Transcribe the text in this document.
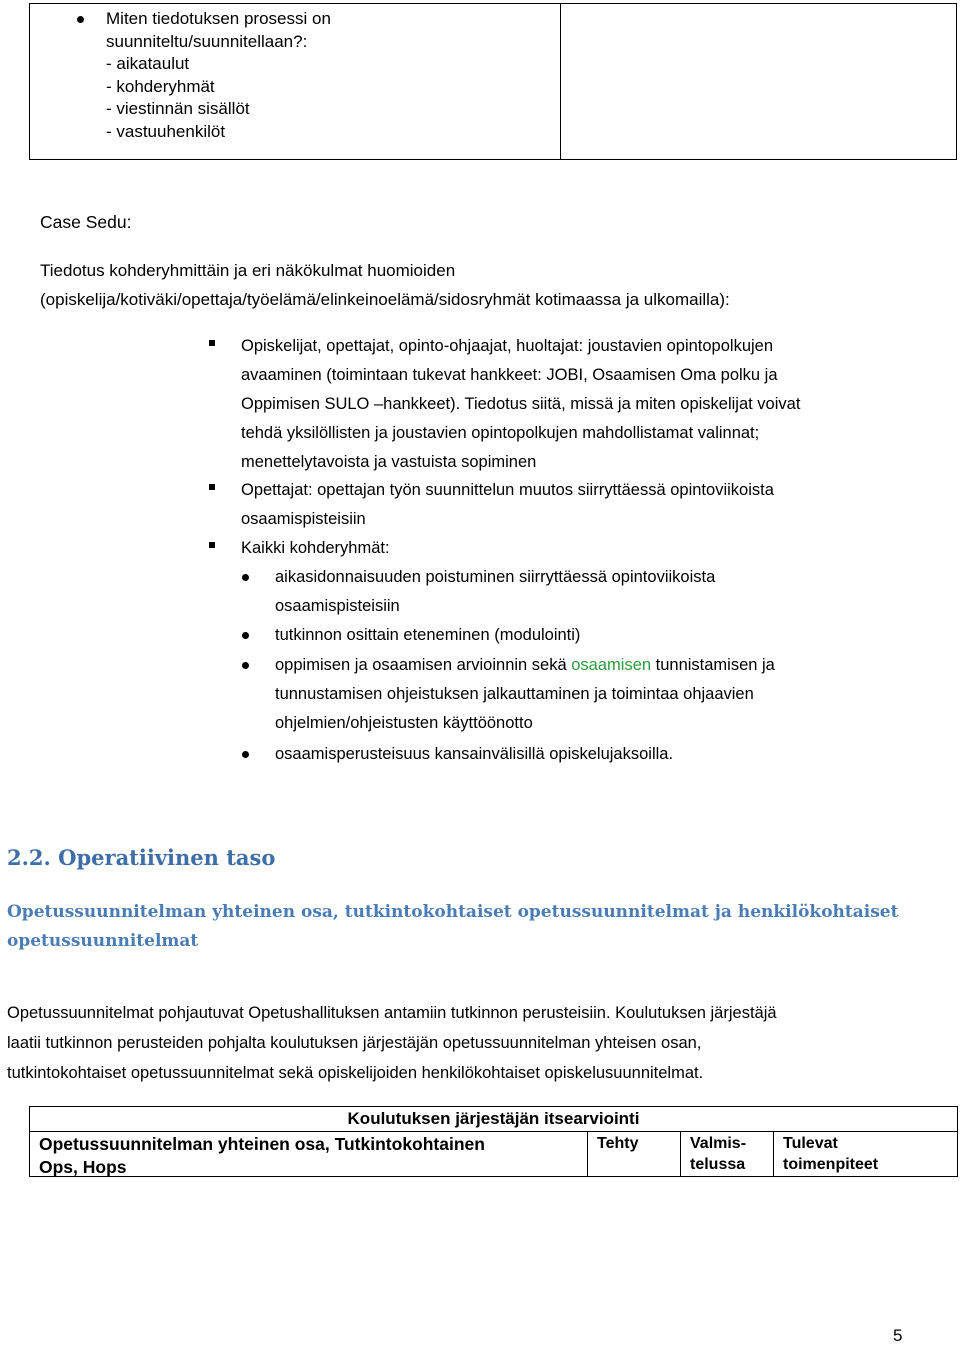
Miten tiedotuksen prosessi on
suunniteltu/suunnitellaan?:
- aikataulut
- kohderyhmät
- viestinnän sisällöt
- vastuuhenkilöt
Case Sedu:
Tiedotus kohderyhmittäin ja eri näkökulmat huomioiden
(opiskelija/kotiväki/opettaja/työelämä/elinkeinoelämä/sidosryhmät kotimaassa ja ulkomailla):
Opiskelijat, opettajat, opinto-ohjaajat, huoltajat: joustavien opintopolkujen
avaaminen (toimintaan tukevat hankkeet: JOBI, Osaamisen Oma polku ja
Oppimisen SULO –hankkeet). Tiedotus siitä, missä ja miten opiskelijat voivat
tehdä yksilöllisten ja joustavien opintopolkujen mahdollistamat valinnat;
menettelytavoista ja vastuista sopiminen
Opettajat: opettajan työn suunnittelun muutos siirryttäessä opintoviikoista
osaamispisteisiin
Kaikki kohderyhmät:
aikasidonnaisuuden poistuminen siirryttäessä opintoviikoista
osaamispisteisiin
tutkinnon osittain eteneminen (modulointi)
oppimisen ja osaamisen arvioinnin sekä osaamisen tunnistamisen ja
tunnustamisen ohjeistuksen jalkauttaminen ja toimintaa ohjaavien
ohjelmien/ohjeistusten käyttöönotto
osaamisperusteisuus kansainvälisillä opiskelujaksoilla.
2.2. Operatiivinen taso
Opetussuunnitelman yhteinen osa, tutkintokohtaiset opetussuunnitelmat ja henkilökohtaiset
opetussuunnitelmat
Opetussuunnitelmat pohjautuvat Opetushallituksen antamiin tutkinnon perusteisiin. Koulutuksen järjestäjä
laatii tutkinnon perusteiden pohjalta koulutuksen järjestäjän opetussuunnitelman yhteisen osan,
tutkintokohtaiset opetussuunnitelmat sekä opiskelijoiden henkilökohtaiset opiskelusuunnitelmat.
Koulutuksen järjestäjän itsearviointi
Opetussuunnitelman yhteinen osa, Tutkintokohtainen
Ops, Hops
Tehty	Valmis-
telussa
Tulevat
toimenpiteet
5
